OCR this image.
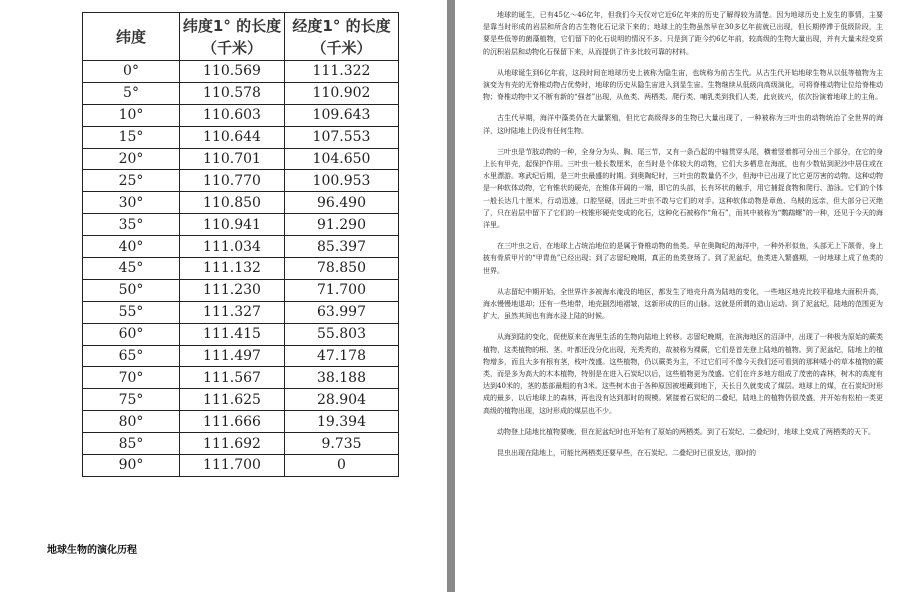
纬度	纬度1° 的长度（千米）	经度1° 的长度（千米）
0°	110.569	111.322
5°	110.578	110.902
10°	110.603	109.643
15°	110.644	107.553
20°	110.701	104.650
25°	110.770	100.953
30°	110.850	96.490
35°	110.941	91.290
40°	111.034	85.397
45°	111.132	78.850
50°	111.230	71.700
55°	111.327	63.997
60°	111.415	55.803
65°	111.497	47.178
70°	111.567	38.188
75°	111.625	28.904
80°	111.666	19.394
85°	111.692	9.735
90°	111.700	0
地球生物的演化历程

地球的诞生，已有45亿～46亿年，但我们今天仅对它近6亿年来的历史了解得较为清楚。因为地球历史上发生的事情，主要是靠当时形成的岩层和所含的古生物化石记录下来的；地球上的生物虽然早在30多亿年前就已出现，但长期停滞于低级阶段，主要是些低等的菌藻植物，它们留下的化石说明的情况不多。只是到了距今约6亿年前，较高级的生物大量出现，并有大量未经变质的沉积岩层和动物化石保留下来，从而提供了许多比较可靠的材料。

从地球诞生到6亿年前，这段时间在地球历史上被称为隐生宙，也统称为前古生代。从古生代开始地球生物从以低等植物为主演变为有壳的无脊椎动物占优势时，地球的历史从隐生宙进入到显生宙。生物继续从低级向高级演化，可将脊椎动物让位给脊椎动物；脊椎动物中又不断有新的“强者”出现，从鱼类、两栖类、爬行类、哺乳类到我们人类，此哀彼兴，依次扮演着地球上的主角。

古生代早期，海洋中藻类仍在大量繁殖，但比它高级得多的生物已大量出现了，一种被称为三叶虫的动物统治了全世界的海洋，这时陆地上仍没有任何生物。

三叶虫是节肢动物的一种，全身分为头、胸、尾三节，又有一条凸起的中轴贯穿头尾，横着竖着都可分出三个部分，在它的身上长有甲壳，起保护作用。三叶虫一般长数厘米，在当时是个体较大的动物，它们大多栖息在海底，也有少数钻到泥沙中居住或在水里漂游。寒武纪后期，是三叶虫最盛的时期。到奥陶纪时，三叶虫的数量仍不少，但海中已出现了比它更厉害的动物。这种动物是一种软体动物，它有锥状的硬壳，在锥体开阔的一端，即它的头部，长有环状的触手，用它捕捉食物和爬行、游泳。它们的个体一般长达几十厘米，行动迅速，口腔坚硬，因此三叶虫不敢与它们的对手。这种软体动物是章鱼、乌贼的远亲，但大部分已灭绝了，只在岩层中留下了它们的一枝锥形硬壳变成的化石，这种化石被称作“角石”，而其中被称为“鹦鹉螺”的一种，还见于今天的海洋里。

在三叶虫之后，在地球上占统治地位的是属于脊椎动物的鱼类。早在奥陶纪的海洋中，一种外形似鱼，头部无上下颌骨，身上披有骨质甲片的“甲胄鱼”已经出现；到了志留纪晚期，真正的鱼类登场了。到了泥盆纪，鱼类进入繁盛期，一时地球上成了鱼类的世界。

从志留纪中期开始，全世界许多被海水淹没的地区，都发生了地壳升高为陆地的变化，一些地区地壳比较平稳地大面积升高，海水慢慢地退却；还有一些地带，地壳剧烈地褶皱，这新形成的巨的山脉。这就是所谓的造山运动。到了泥盆纪，陆地的范围更为扩大，虽然其间也有海水浸上陆的时候。

从海到陆的变化，促使原来在海里生活的生物向陆地上转移。志留纪晚期，在滨海地区的沼泽中，出现了一种极为原始的蕨类植物，这类植物的根、茎、叶都还没分化出现，光秃秃的，故被称为裸蕨，它们是首先登上陆地的植物。到了泥盆纪，陆地上的植物增多，而且大多有根有茎，枝叶茂盛。这些植物，仍以蕨类为主，不过它们可不像今天我们还可看到的那种矮小的草本植物的蕨类，而是多为高大的木本植物，特别是在进入石炭纪以后，这些植物更为茂盛。它们在许多地方组成了茂密的森林，树木的高度有达到40米的，茎的基部最粗的有3米。这些树木由于各种原因被埋藏到地下，天长日久就变成了煤层。地球上的煤，在石炭纪时形成的最多，以后地球上的森林，再也没有达到那时的规模。紧接着石炭纪的二叠纪，陆地上的植物仍很茂盛，并开始有松柏一类更高级的植物出现，这时形成的煤层也不少。

动物登上陆地比植物要晚，但在泥盆纪时也开始有了原始的两栖类。到了石炭纪、二叠纪时，地球上变成了两栖类的天下。

昆虫出现在陆地上，可能比两栖类还要早些，在石炭纪、二叠纪时已很发达，那时的
